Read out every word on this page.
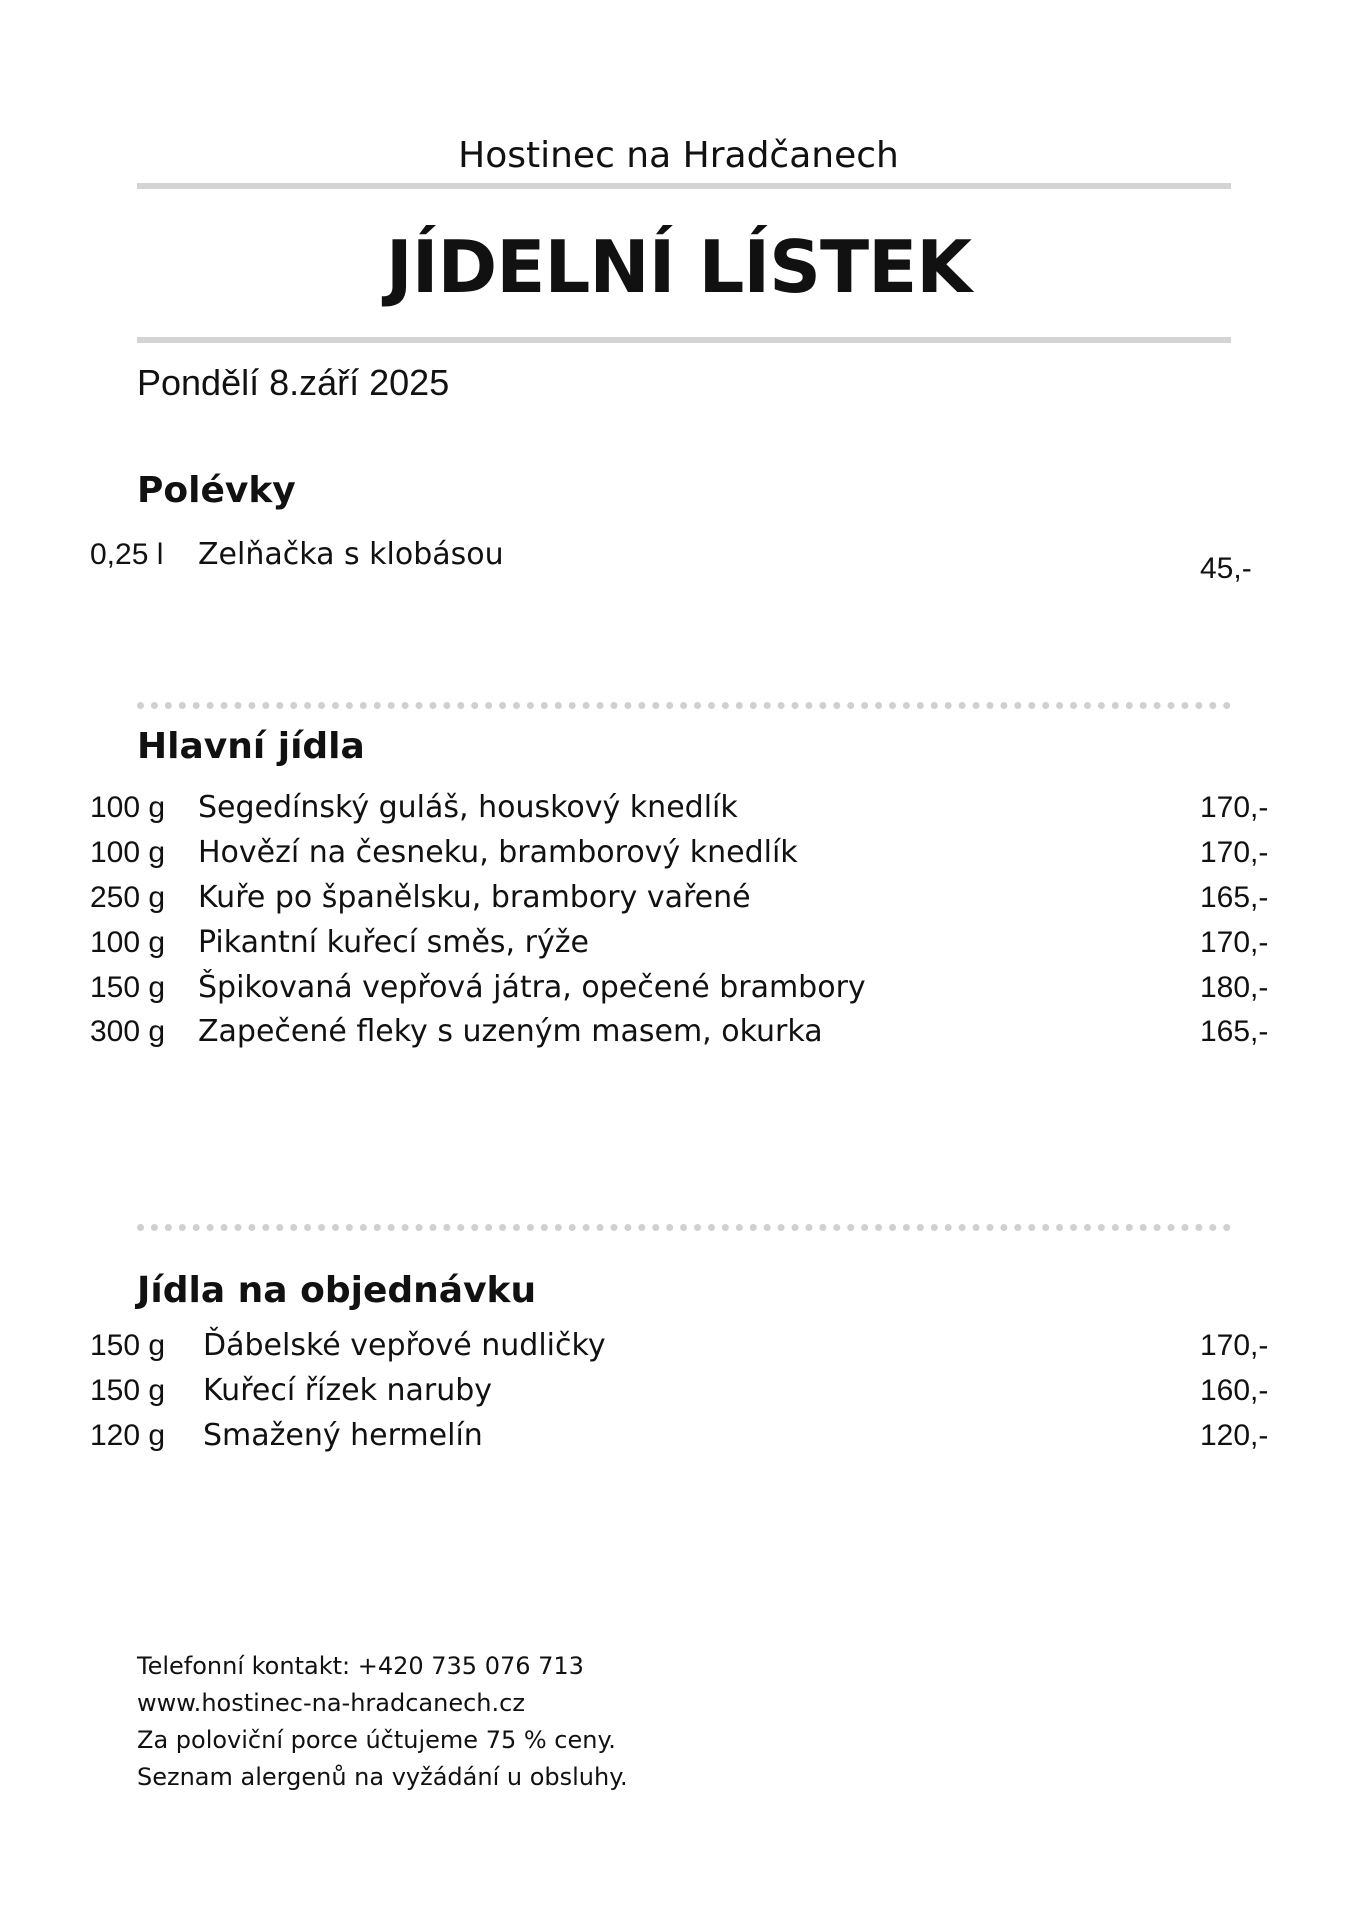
Hostinec na Hradčanech
JÍDELNÍ LÍSTEK
Pondělí 8.září 2025
Polévky
0,25 l Zelňačka s klobásou	45,-
Hlavní jídla
100 g Segedínský guláš, houskový knedlík	170,-
100 g Hovězí na česneku, bramborový knedlík	170,-
250 g Kuře po španělsku, brambory vařené	165,-
100 g Pikantní kuřecí směs, rýže	170,-
150 g Špikovaná vepřová játra, opečené brambory	180,-
300 g Zapečené fleky s uzeným masem, okurka	165,-
Jídla na objednávku
150 g Ďábelské vepřové nudličky	170,-
150 g Kuřecí řízek naruby	160,-
120 g Smažený hermelín	120,-
Telefonní kontakt: +420 735 076 713
www.hostinec-na-hradcanech.cz
Za poloviční porce účtujeme 75 % ceny.
Seznam alergenů na vyžádání u obsluhy.
